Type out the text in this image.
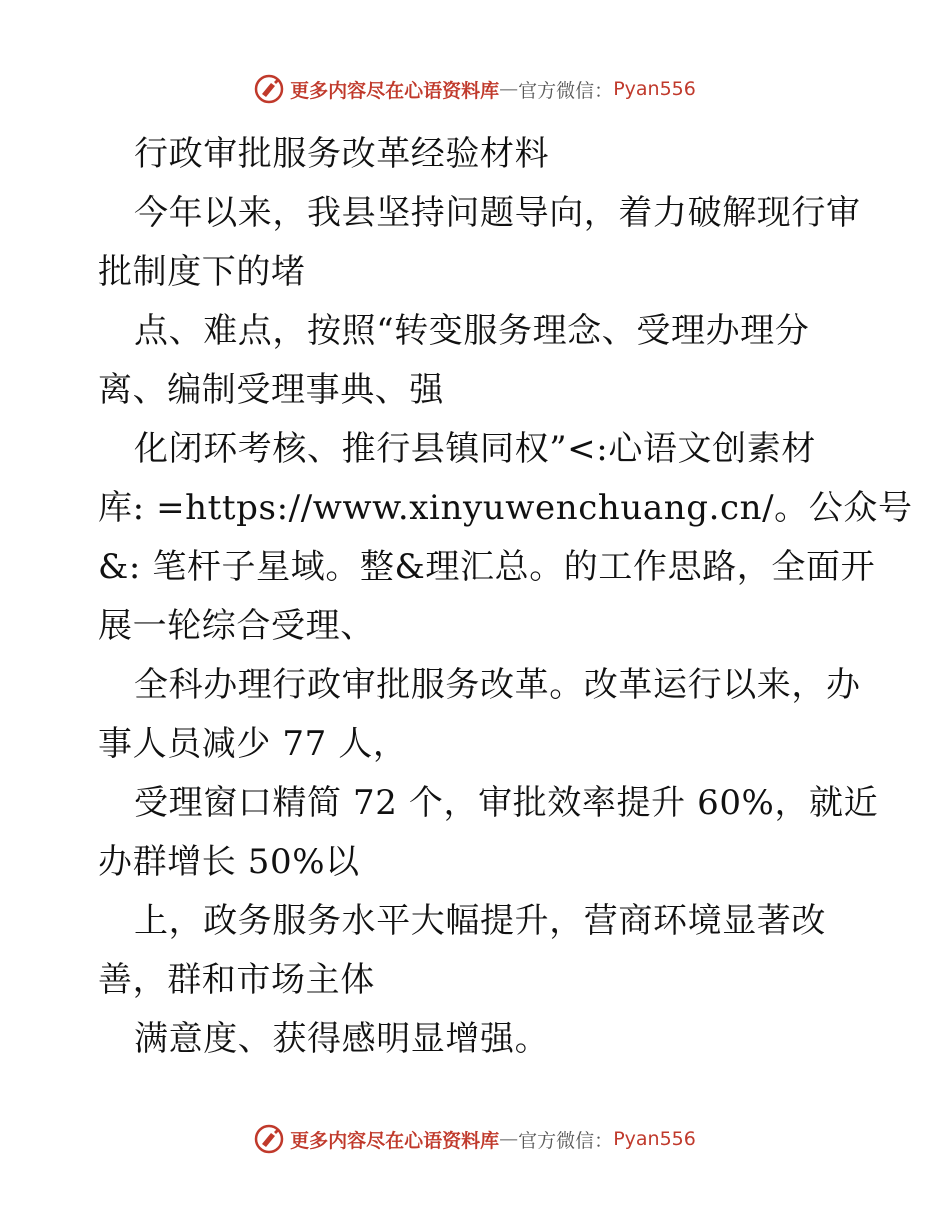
更多内容尽在心语资料库 — 官方微信： Pyan556
行政审批服务改革经验材料
今年以来，我县坚持问题导向，着力破解现行审
批制度下的堵
点、难点，按照“转变服务理念、受理办理分
离、编制受理事典、强
化闭环考核、推行县镇同权”<:心语文创素材
库: =https://www.xinyuwenchuang.cn/。公众号
&: 笔杆子星域。整&理汇总。的工作思路，全面开
展一轮综合受理、
全科办理行政审批服务改革。改革运行以来，办
事人员减少 77 人，
受理窗口精简 72 个，审批效率提升 60%，就近
办群增长 50%以
上，政务服务水平大幅提升，营商环境显著改
善，群和市场主体
满意度、获得感明显增强。
更多内容尽在心语资料库 — 官方微信： Pyan556
